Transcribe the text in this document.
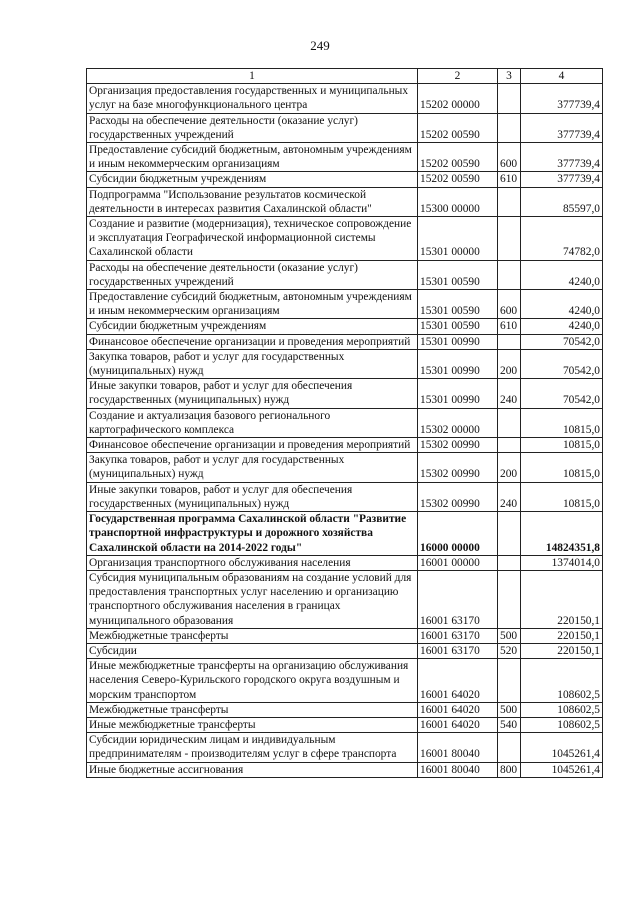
249
1	2	3	4
Организация предоставления государственных и муниципальных услуг на базе многофункционального центра	15202 00000		377739,4
Расходы на обеспечение деятельности (оказание услуг) государственных учреждений	15202 00590		377739,4
Предоставление субсидий бюджетным, автономным учреждениям и иным некоммерческим организациям	15202 00590	600	377739,4
Субсидии бюджетным учреждениям	15202 00590	610	377739,4
Подпрограмма "Использование результатов космической деятельности в интересах развития Сахалинской области"	15300 00000		85597,0
Создание и развитие (модернизация), техническое сопровождение и эксплуатация Географической информационной системы Сахалинской области	15301 00000		74782,0
Расходы на обеспечение деятельности (оказание услуг) государственных учреждений	15301 00590		4240,0
Предоставление субсидий бюджетным, автономным учреждениям и иным некоммерческим организациям	15301 00590	600	4240,0
Субсидии бюджетным учреждениям	15301 00590	610	4240,0
Финансовое обеспечение организации и проведения мероприятий	15301 00990		70542,0
Закупка товаров, работ и услуг для государственных (муниципальных) нужд	15301 00990	200	70542,0
Иные закупки товаров, работ и услуг для обеспечения государственных (муниципальных) нужд	15301 00990	240	70542,0
Создание и актуализация базового регионального картографического комплекса	15302 00000		10815,0
Финансовое обеспечение организации и проведения мероприятий	15302 00990		10815,0
Закупка товаров, работ и услуг для государственных (муниципальных) нужд	15302 00990	200	10815,0
Иные закупки товаров, работ и услуг для обеспечения государственных (муниципальных) нужд	15302 00990	240	10815,0
Государственная программа Сахалинской области "Развитие транспортной инфраструктуры и дорожного хозяйства Сахалинской области на 2014-2022 годы"	16000 00000		14824351,8
Организация транспортного обслуживания населения	16001 00000		1374014,0
Субсидия муниципальным образованиям на создание условий для предоставления транспортных услуг населению и организацию транспортного обслуживания населения в границах муниципального образования	16001 63170		220150,1
Межбюджетные трансферты	16001 63170	500	220150,1
Субсидии	16001 63170	520	220150,1
Иные межбюджетные трансферты на организацию обслуживания населения Северо-Курильского городского округа воздушным и морским транспортом	16001 64020		108602,5
Межбюджетные трансферты	16001 64020	500	108602,5
Иные межбюджетные трансферты	16001 64020	540	108602,5
Субсидии юридическим лицам и индивидуальным предпринимателям - производителям услуг в сфере транспорта	16001 80040		1045261,4
Иные бюджетные ассигнования	16001 80040	800	1045261,4
